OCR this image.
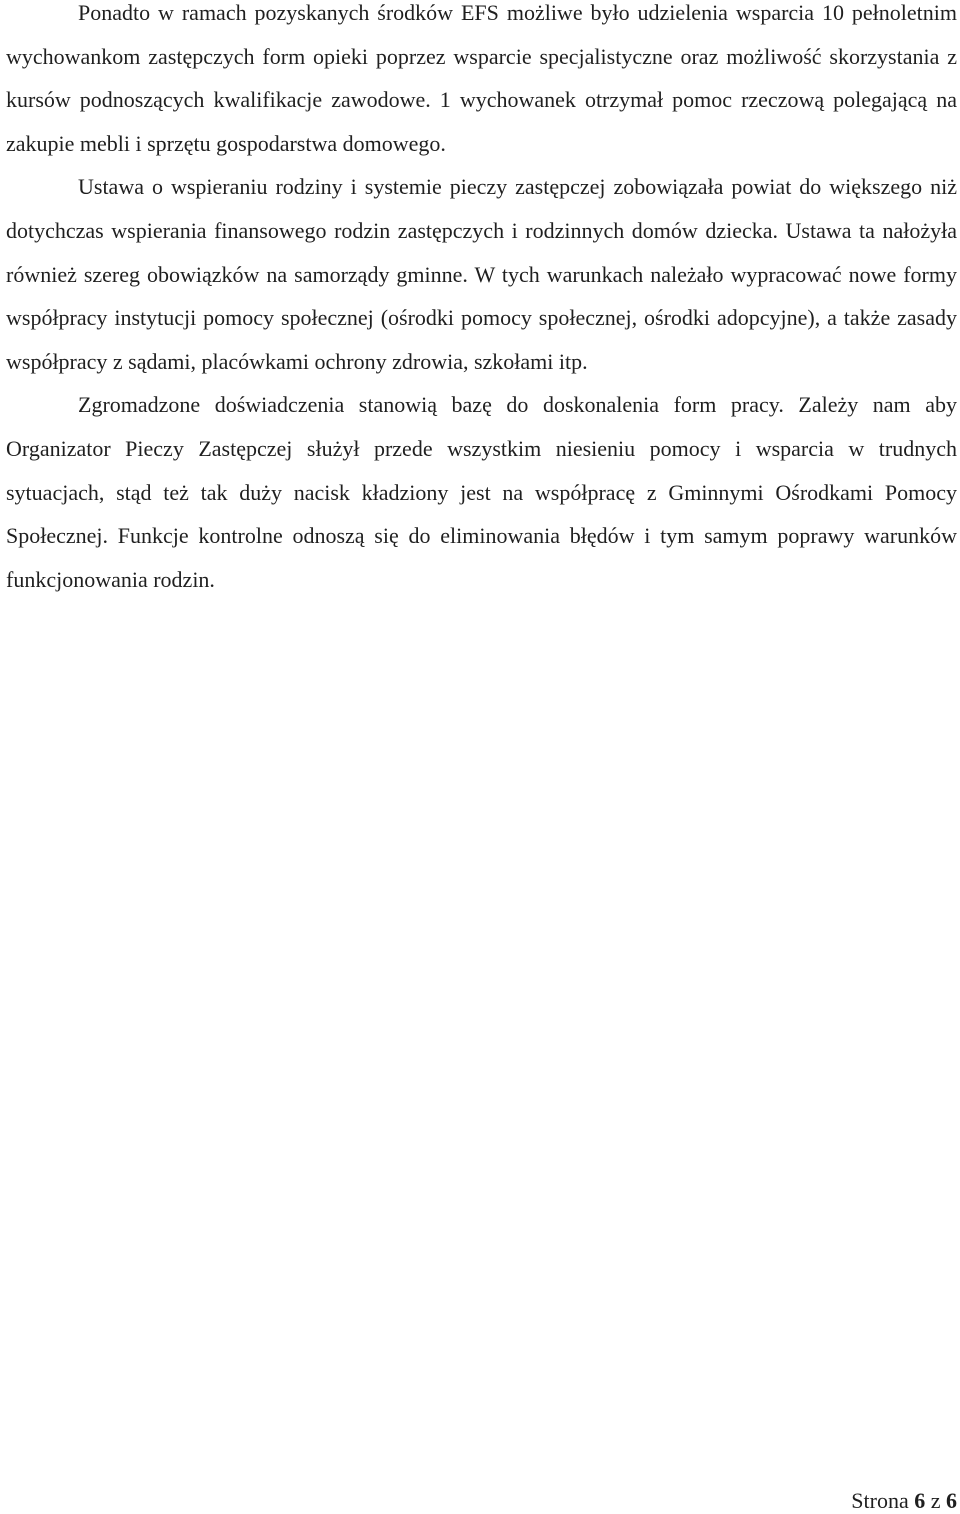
Ponadto w ramach pozyskanych środków EFS możliwe było udzielenia wsparcia 10 pełnoletnim wychowankom zastępczych form opieki poprzez wsparcie specjalistyczne oraz możliwość skorzystania z kursów podnoszących kwalifikacje zawodowe. 1 wychowanek otrzymał pomoc rzeczową polegającą na zakupie mebli i sprzętu gospodarstwa domowego.

Ustawa o wspieraniu rodziny i systemie pieczy zastępczej zobowiązała powiat do większego niż dotychczas wspierania finansowego rodzin zastępczych i rodzinnych domów dziecka. Ustawa ta nałożyła również szereg obowiązków na samorządy gminne. W tych warunkach należało wypracować nowe formy współpracy instytucji pomocy społecznej (ośrodki pomocy społecznej, ośrodki adopcyjne), a także zasady współpracy z sądami, placówkami ochrony zdrowia, szkołami itp.

Zgromadzone doświadczenia stanowią bazę do doskonalenia form pracy. Zależy nam aby Organizator Pieczy Zastępczej służył przede wszystkim niesieniu pomocy i wsparcia w trudnych sytuacjach, stąd też tak duży nacisk kładziony jest na współpracę z Gminnymi Ośrodkami Pomocy Społecznej. Funkcje kontrolne odnoszą się do eliminowania błędów i tym samym poprawy warunków funkcjonowania rodzin.

Strona 6 z 6
